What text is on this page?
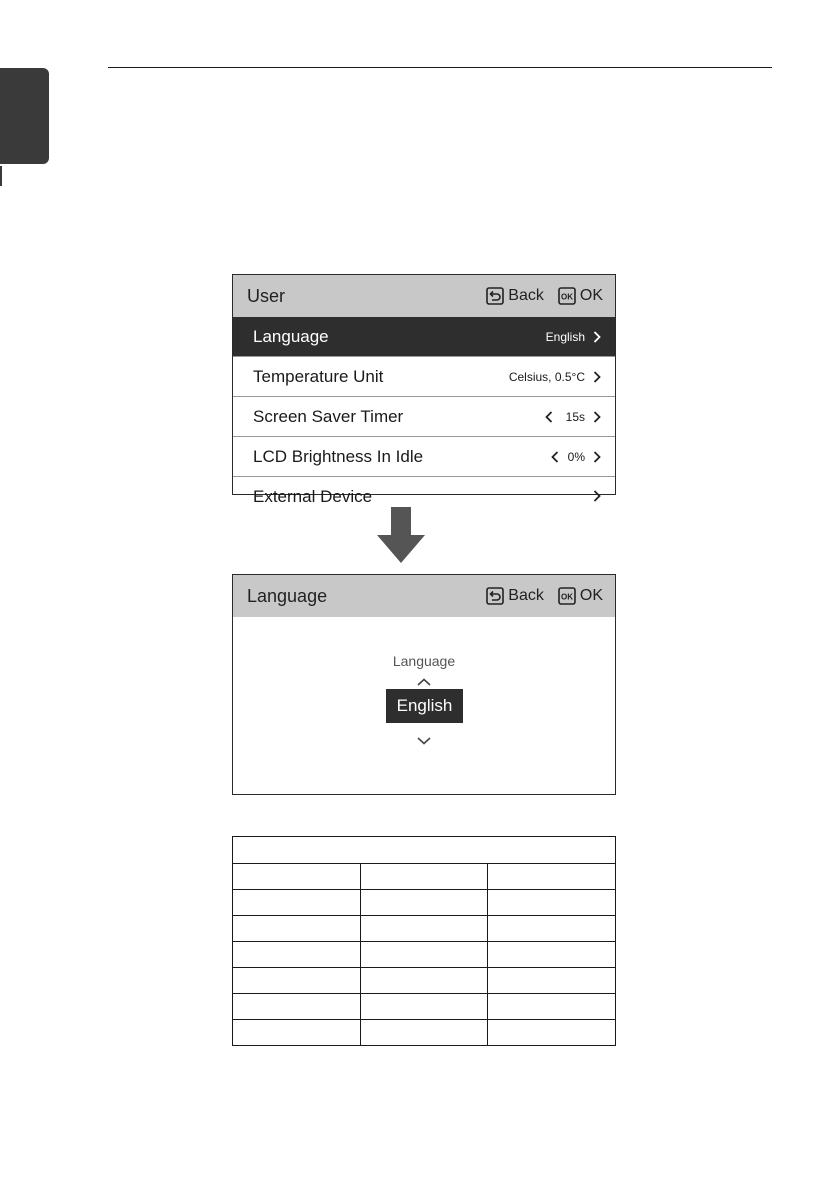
User	Back OK OK
Language	English
Temperature Unit	Celsius, 0.5°C
Screen Saver Timer	15s
LCD Brightness In Idle	0%
External Device
Language	Back OK OK
Language
English
